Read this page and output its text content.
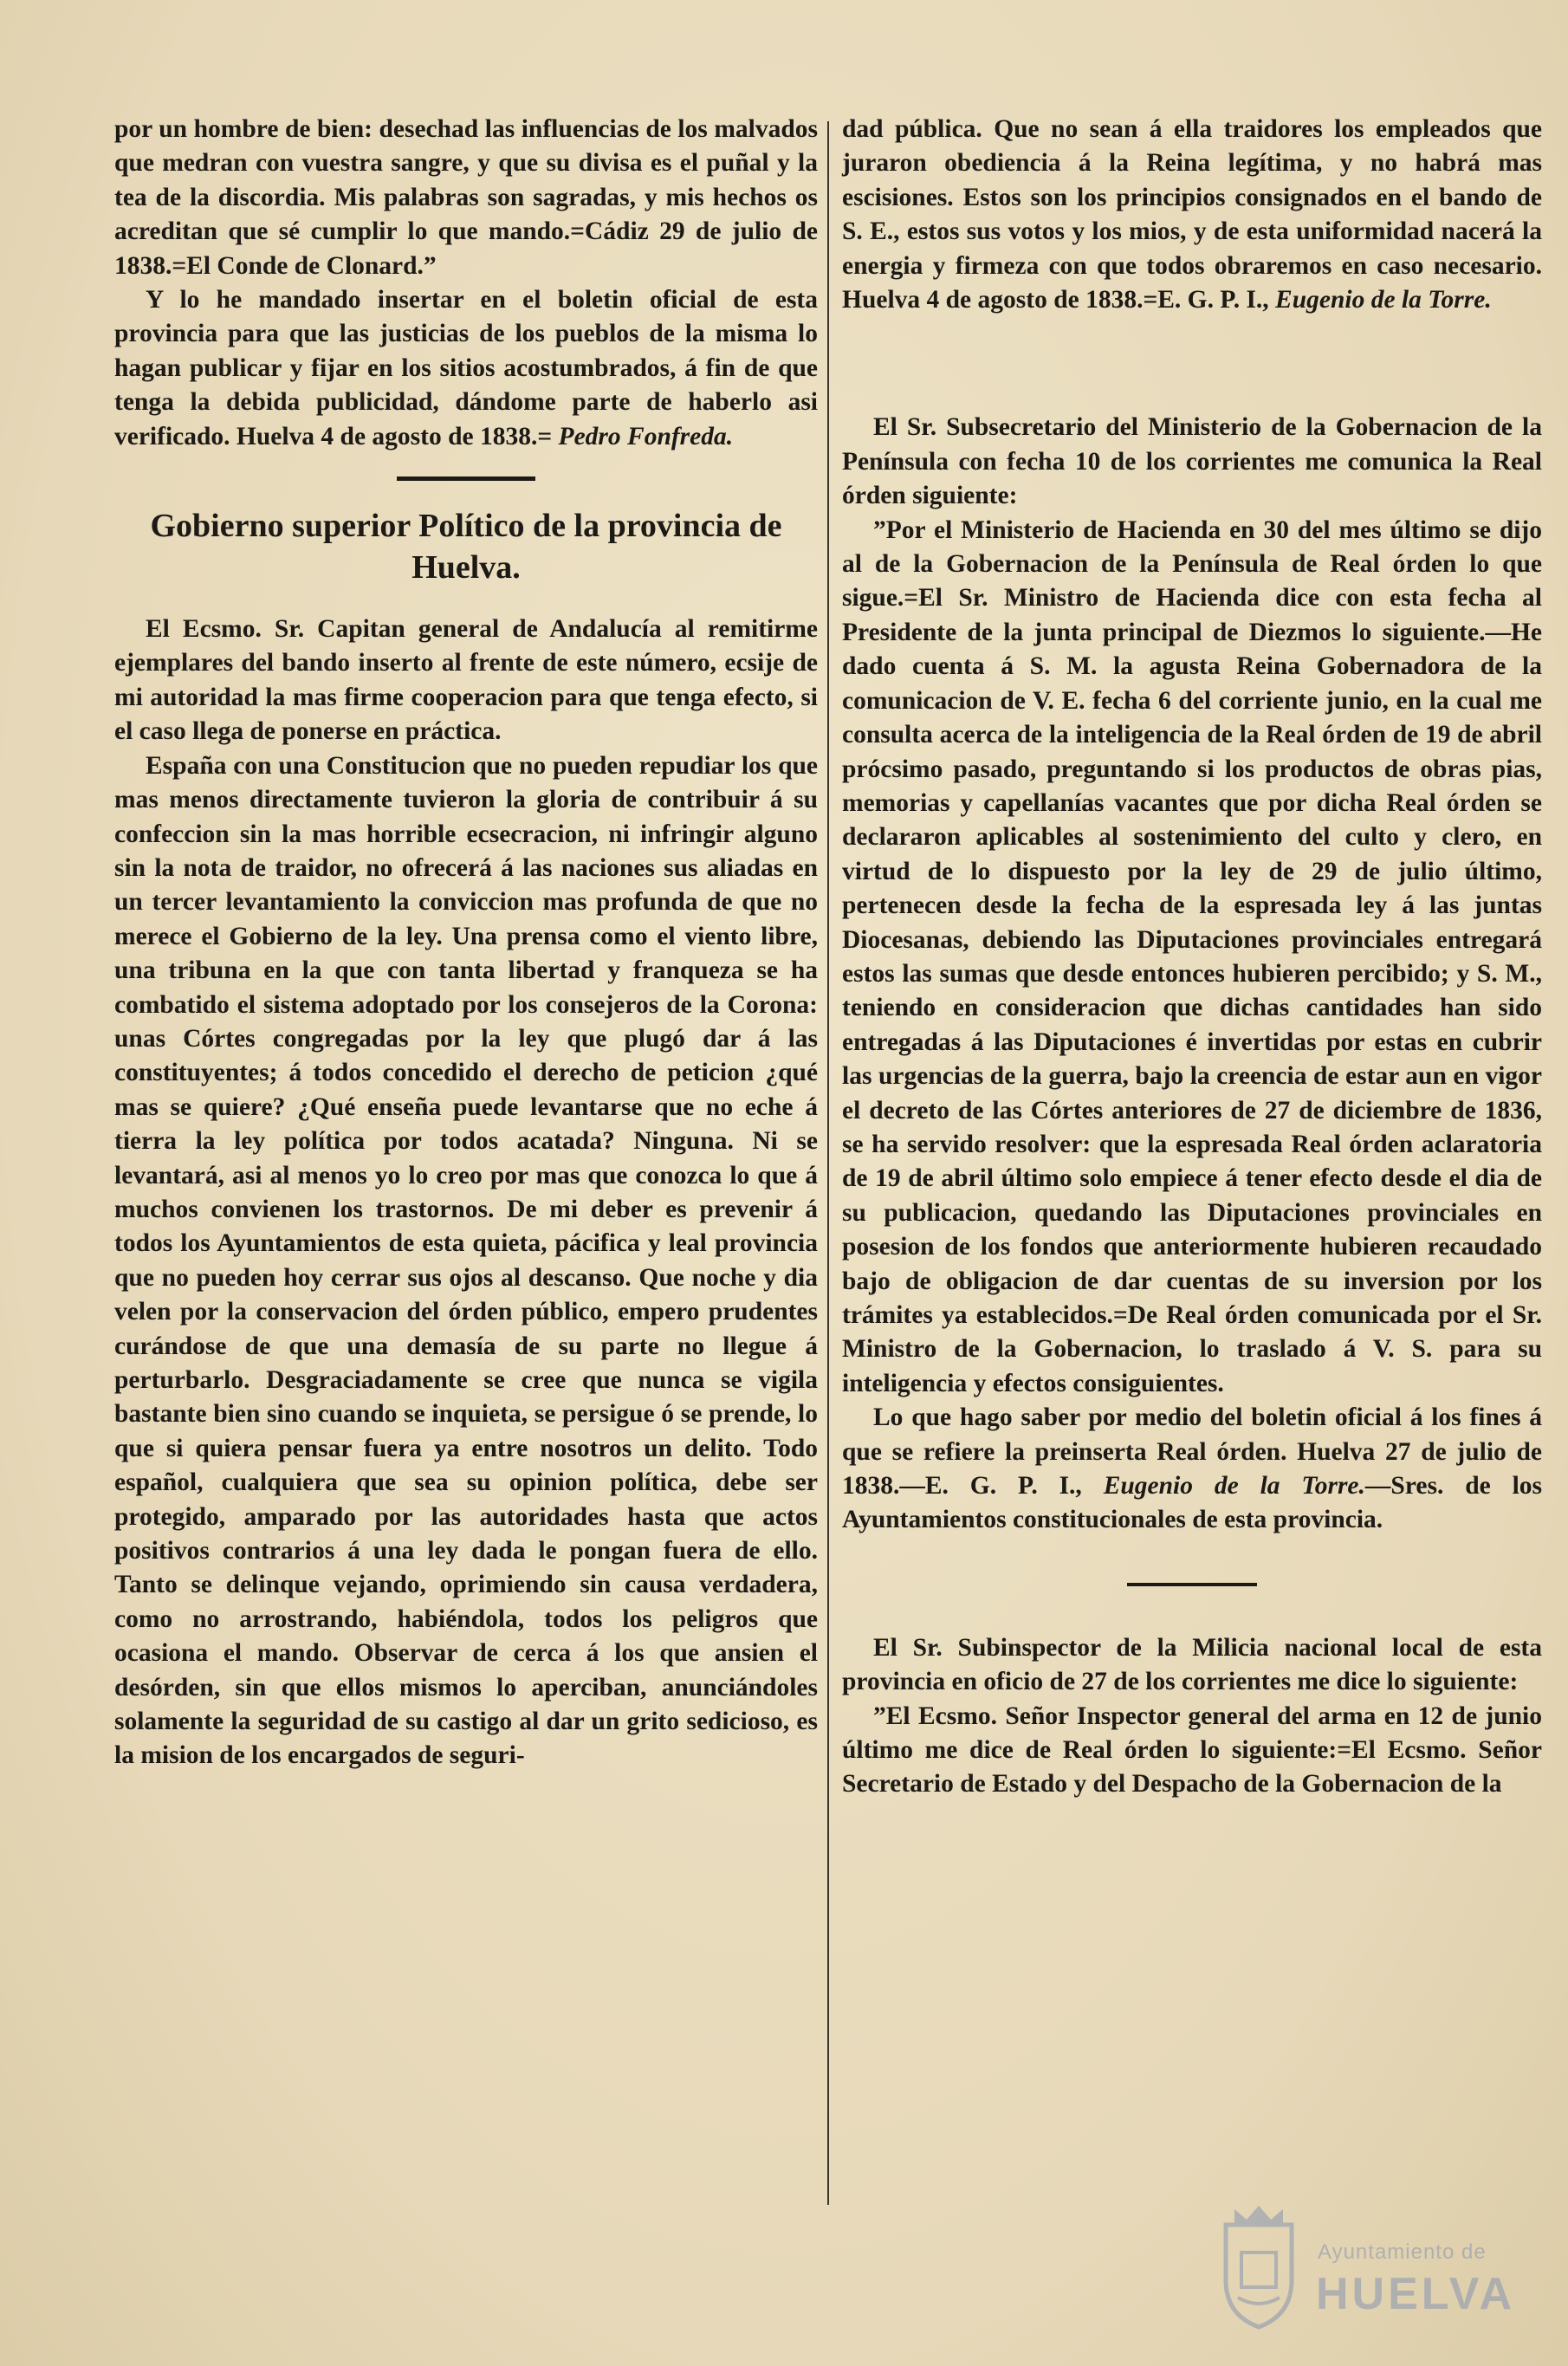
por un hombre de bien: desechad las influencias de los malvados que medran con vuestra sangre, y que su divisa es el puñal y la tea de la discordia. Mis palabras son sagradas, y mis hechos os acreditan que sé cumplir lo que mando.=Cádiz 29 de julio de 1838.=El Conde de Clonard.”

Y lo he mandado insertar en el boletin oficial de esta provincia para que las justicias de los pueblos de la misma lo hagan publicar y fijar en los sitios acostumbrados, á fin de que tenga la debida publicidad, dándome parte de haberlo asi verificado. Huelva 4 de agosto de 1838.= Pedro Fonfreda.

Gobierno superior Político de la provincia de Huelva.

El Ecsmo. Sr. Capitan general de Andalucía al remitirme ejemplares del bando inserto al frente de este número, ecsije de mi autoridad la mas firme cooperacion para que tenga efecto, si el caso llega de ponerse en práctica.

España con una Constitucion que no pueden repudiar los que mas menos directamente tuvieron la gloria de contribuir á su confeccion sin la mas horrible ecsecracion, ni infringir alguno sin la nota de traidor, no ofrecerá á las naciones sus aliadas en un tercer levantamiento la conviccion mas profunda de que no merece el Gobierno de la ley. Una prensa como el viento libre, una tribuna en la que con tanta libertad y franqueza se ha combatido el sistema adoptado por los consejeros de la Corona: unas Córtes congregadas por la ley que plugó dar á las constituyentes; á todos concedido el derecho de peticion ¿qué mas se quiere? ¿Qué enseña puede levantarse que no eche á tierra la ley política por todos acatada? Ninguna. Ni se levantará, asi al menos yo lo creo por mas que conozca lo que á muchos convienen los trastornos. De mi deber es prevenir á todos los Ayuntamientos de esta quieta, pácifica y leal provincia que no pueden hoy cerrar sus ojos al descanso. Que noche y dia velen por la conservacion del órden público, empero prudentes curándose de que una demasía de su parte no llegue á perturbarlo. Desgraciadamente se cree que nunca se vigila bastante bien sino cuando se inquieta, se persigue ó se prende, lo que si quiera pensar fuera ya entre nosotros un delito. Todo español, cualquiera que sea su opinion política, debe ser protegido, amparado por las autoridades hasta que actos positivos contrarios á una ley dada le pongan fuera de ello. Tanto se delinque vejando, oprimiendo sin causa verdadera, como no arrostrando, habiéndola, todos los peligros que ocasiona el mando. Observar de cerca á los que ansien el desórden, sin que ellos mismos lo aperciban, anunciándoles solamente la seguridad de su castigo al dar un grito sedicioso, es la mision de los encargados de seguri-

dad pública. Que no sean á ella traidores los empleados que juraron obediencia á la Reina legítima, y no habrá mas escisiones. Estos son los principios consignados en el bando de S. E., estos sus votos y los mios, y de esta uniformidad nacerá la energia y firmeza con que todos obraremos en caso necesario. Huelva 4 de agosto de 1838.=E. G. P. I., Eugenio de la Torre.

El Sr. Subsecretario del Ministerio de la Gobernacion de la Península con fecha 10 de los corrientes me comunica la Real órden siguiente:

”Por el Ministerio de Hacienda en 30 del mes último se dijo al de la Gobernacion de la Península de Real órden lo que sigue.=El Sr. Ministro de Hacienda dice con esta fecha al Presidente de la junta principal de Diezmos lo siguiente.—He dado cuenta á S. M. la agusta Reina Gobernadora de la comunicacion de V. E. fecha 6 del corriente junio, en la cual me consulta acerca de la inteligencia de la Real órden de 19 de abril prócsimo pasado, preguntando si los productos de obras pias, memorias y capellanías vacantes que por dicha Real órden se declararon aplicables al sostenimiento del culto y clero, en virtud de lo dispuesto por la ley de 29 de julio último, pertenecen desde la fecha de la espresada ley á las juntas Diocesanas, debiendo las Diputaciones provinciales entregará estos las sumas que desde entonces hubieren percibido; y S. M., teniendo en consideracion que dichas cantidades han sido entregadas á las Diputaciones é invertidas por estas en cubrir las urgencias de la guerra, bajo la creencia de estar aun en vigor el decreto de las Córtes anteriores de 27 de diciembre de 1836, se ha servido resolver: que la espresada Real órden aclaratoria de 19 de abril último solo empiece á tener efecto desde el dia de su publicacion, quedando las Diputaciones provinciales en posesion de los fondos que anteriormente hubieren recaudado bajo de obligacion de dar cuentas de su inversion por los trámites ya establecidos.=De Real órden comunicada por el Sr. Ministro de la Gobernacion, lo traslado á V. S. para su inteligencia y efectos consiguientes.

Lo que hago saber por medio del boletin oficial á los fines á que se refiere la preinserta Real órden. Huelva 27 de julio de 1838.—E. G. P. I., Eugenio de la Torre.—Sres. de los Ayuntamientos constitucionales de esta provincia.

El Sr. Subinspector de la Milicia nacional local de esta provincia en oficio de 27 de los corrientes me dice lo siguiente:

”El Ecsmo. Señor Inspector general del arma en 12 de junio último me dice de Real órden lo siguiente:=El Ecsmo. Señor Secretario de Estado y del Despacho de la Gobernacion de la

Ayuntamiento de
HUELVA
